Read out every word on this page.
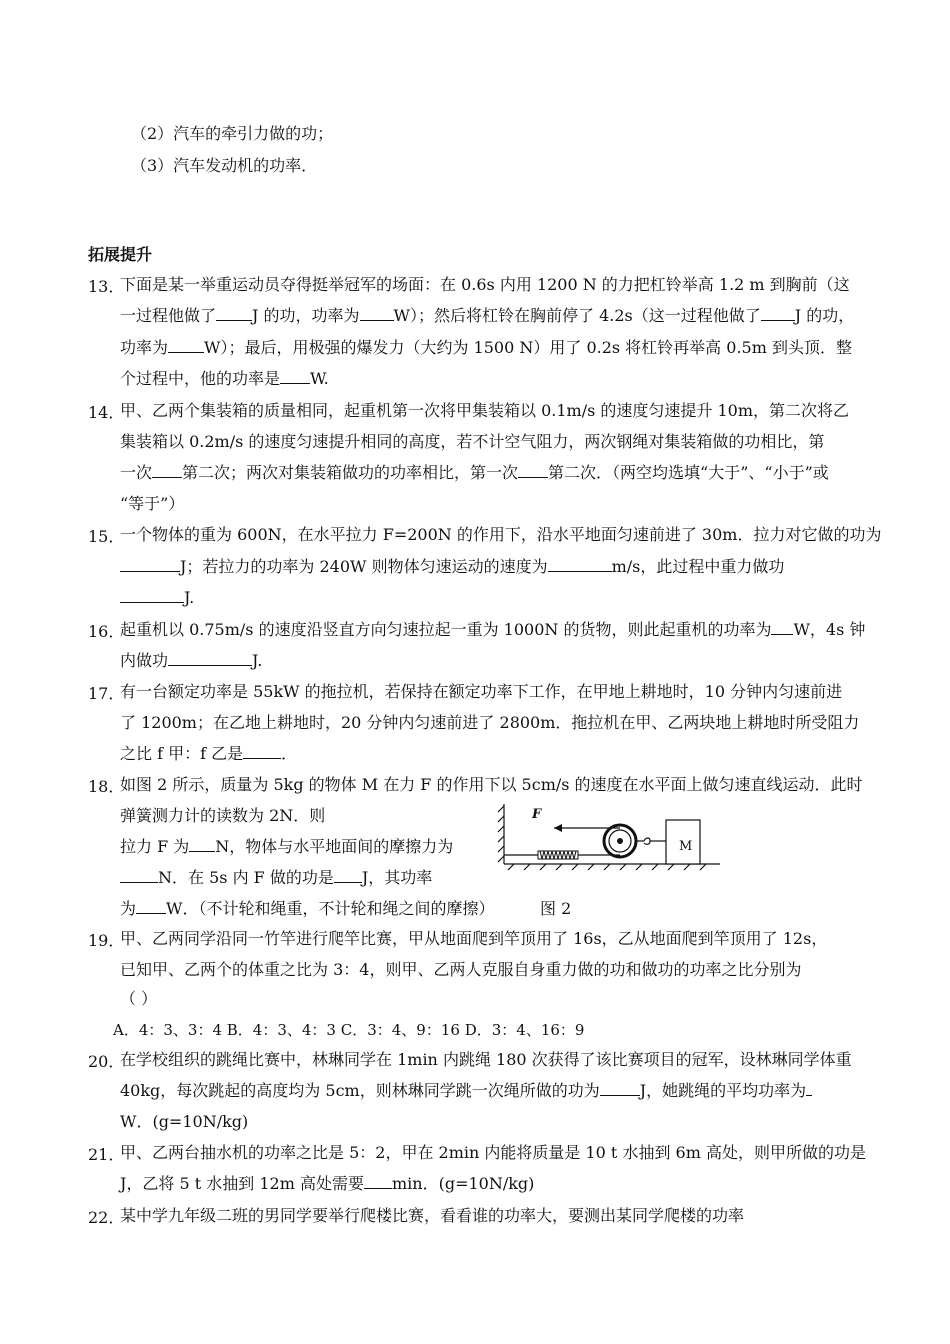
（2）汽车的牵引力做的功；
（3）汽车发动机的功率．
拓展提升
13．
下面是某一举重运动员夺得挺举冠军的场面：在 0.6s 内用 1200 N 的力把杠铃举高 1.2 m 到胸前（这
一过程他做了 J 的功，功率为 W）；然后将杠铃在胸前停了 4.2s（这一过程他做了 J 的功，
功率为 W）；最后，用极强的爆发力（大约为 1500 N）用了 0.2s 将杠铃再举高 0.5m 到头顶．整
个过程中，他的功率是 W.
14．
甲、乙两个集装箱的质量相同，起重机第一次将甲集装箱以 0.1m/s 的速度匀速提升 10m，第二次将乙
集装箱以 0.2m/s 的速度匀速提升相同的高度，若不计空气阻力，两次钢绳对集装箱做的功相比，第
一次 第二次；两次对集装箱做功的功率相比，第一次 第二次．（两空均选填“大于”、“小于”或
“等于”）
15．
一个物体的重为 600N，在水平拉力 F=200N 的作用下，沿水平地面匀速前进了 30m．拉力对它做的功为
J；若拉力的功率为 240W 则物体匀速运动的速度为	m/s，此过程中重力做功
J.
16．
起重机以 0.75m/s 的速度沿竖直方向匀速拉起一重为 1000N 的货物，则此起重机的功率为 W，4s 钟
内做功	J.
17．
有一台额定功率是 55kW 的拖拉机，若保持在额定功率下工作，在甲地上耕地时，10 分钟内匀速前进
了 1200m；在乙地上耕地时，20 分钟内匀速前进了 2800m．拖拉机在甲、乙两块地上耕地时所受阻力
之比 f 甲：f 乙是 ．
18．
如图 2 所示，质量为 5kg 的物体 M 在力 F 的作用下以 5cm/s 的速度在水平面上做匀速直线运动．此时
弹簧测力计的读数为 2N．则
拉力 F 为 N，物体与水平地面间的摩擦力为
N．在 5s 内 F 做的功是 J，其功率
为 W．（不计轮和绳重，不计轮和绳之间的摩擦）	图 2
F
M
19．
甲、乙两同学沿同一竹竿进行爬竿比赛，甲从地面爬到竿顶用了 16s，乙从地面爬到竿顶用了 12s，
已知甲、乙两个的体重之比为 3：4，则甲、乙两人克服自身重力做的功和做功的功率之比分别为
（ ）
A．4：3、3：4 B．4：3、4：3 C．3：4、9：16 D．3：4、16：9
20．
在学校组织的跳绳比赛中，林琳同学在 1min 内跳绳 180 次获得了该比赛项目的冠军，设林琳同学体重
40kg，每次跳起的高度均为 5cm，则林琳同学跳一次绳所做的功为	J，她跳绳的平均功率为
W．(g=10N/kg)
21．
甲、乙两台抽水机的功率之比是 5：2，甲在 2min 内能将质量是 10 t 水抽到 6m 高处，则甲所做的功是
J，乙将 5 t 水抽到 12m 高处需要 min．(g=10N/kg)
22．
某中学九年级二班的男同学要举行爬楼比赛，看看谁的功率大，要测出某同学爬楼的功率
